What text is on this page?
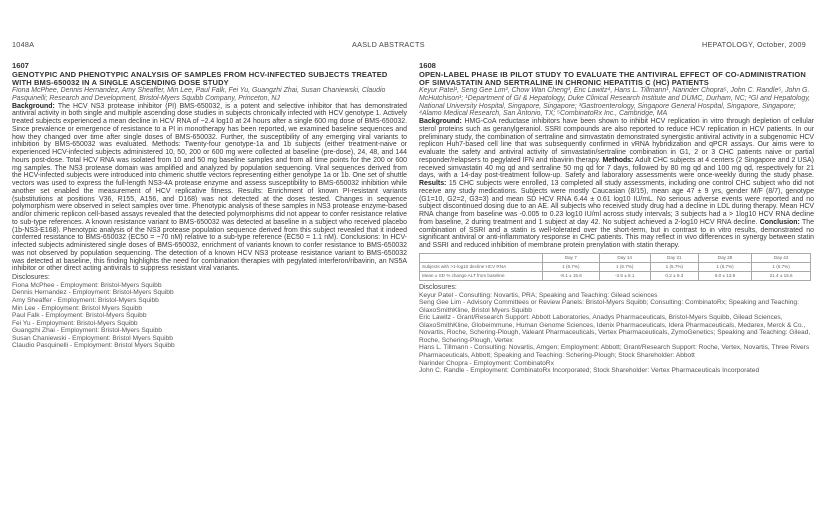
1048A	AASLD ABSTRACTS	HEPATOLOGY, October, 2009
1607
GENOTYPIC AND PHENOTYPIC ANALYSIS OF SAMPLES FROM HCV-INFECTED SUBJECTS TREATED WITH BMS-650032 IN A SINGLE ASCENDING DOSE STUDY
Fiona McPhee, Dennis Hernandez, Amy Sheaffer, Min Lee, Paul Falk, Fei Yu, Guangzhi Zhai, Susan Chaniewski, Claudio Pasquinelli; Research and Development, Bristol-Myers Squibb Company, Princeton, NJ
Background: The HCV NS3 protease inhibitor (PI) BMS-650032, is a potent and selective inhibitor that has demonstrated antiviral activity in both single and multiple ascending dose studies in subjects chronically infected with HCV genotype 1. Actively treated subjects experienced a mean decline in HCV RNA of ~2.4 log10 at 24 hours after a single 600 mg dose of BMS-650032. Since prevalence or emergence of resistance to a PI in monotherapy has been reported, we examined baseline sequences and how they changed over time after single doses of BMS-650032. Further, the susceptibility of any emerging viral variants to inhibition by BMS-650032 was evaluated. Methods: Twenty-four genotype-1a and 1b subjects (either treatment-naive or experienced HCV-infected subjects administered 10, 50, 200 or 600 mg were collected at baseline (pre-dose), 24, 48, and 144 hours post-dose. Total HCV RNA was isolated from 10 and 50 mg baseline samples and from all time points for the 200 or 600 mg samples. The NS3 protease domain was amplified and analyzed by population sequencing. Viral sequences derived from the HCV-infected subjects were introduced into chimeric shuttle vectors representing either genotype 1a or 1b. One set of shuttle vectors was used to express the full-length NS3-4A protease enzyme and assess susceptibility to BMS-650032 inhibition while another set enabled the measurement of HCV replicative fitness. Results: Enrichment of known PI-resistant variants (substitutions at positions V36, R155, A156, and D168) was not detected at the doses tested. Changes in sequence polymorphism were observed in select samples over time. Phenotypic analysis of these samples in NS3 protease enzyme-based and/or chimeric replicon cell-based assays revealed that the detected polymorphisms did not appear to confer resistance relative to sub-type references. A known resistance variant to BMS-650032 was detected at baseline in a subject who received placebo (1b-NS3-E168). Phenotypic analysis of the NS3 protease population sequence derived from this subject revealed that it indeed conferred resistance to BMS-650032 (EC50 = ~70 nM) relative to a sub-type reference (EC50 = 1.1 nM). Conclusions: In HCV-infected subjects administered single doses of BMS-650032, enrichment of variants known to confer resistance to BMS-650032 was not observed by population sequencing. The detection of a known HCV NS3 protease resistance variant to BMS-650032 was detected at baseline, this finding highlights the need for combination therapies with pegylated interferon/ribavirin, an NS5A inhibitor or other direct acting antivirals to suppress resistant viral variants.
Disclosures:
Fiona McPhee - Employment: Bristol-Myers Squibb
Dennis Hernandez - Employment: Bristol-Myers Squibb
Amy Sheaffer - Employment: Bristol-Myers Squibb
Min Lee - Employment: Bristol Myers Squibb
Paul Falk - Employment: Bristol-Myers Squibb
Fei Yu - Employment: Bristol-Myers Squibb
Guangzhi Zhai - Employment: Bristol-Myers Squibb
Susan Chaniewski - Employment: Bristol Myers Squibb
Claudio Pasquinelli - Employment: Bristol Myers Squibb
1608
OPEN-LABEL PHASE IB PILOT STUDY TO EVALUATE THE ANTIVIRAL EFFECT OF CO-ADMINISTRATION OF SIMVASTATIN AND SERTRALINE IN CHRONIC HEPATITIS C (HC) PATIENTS
Keyur Patel¹, Seng Gee Lim², Chow Wan Cheng³, Eric Lawitz⁴, Hans L. Tillmann¹, Narinder Chopra⁵, John C. Randle⁵, John G. McHutchison¹; ¹Department of GI & Hepatology, Duke Clinical Research Institute and DUMC, Durham, NC; ²GI and Hepatology, National University Hospital, Singapore, Singapore; ³Gastroenterology, Singapore General Hospital, Singapore, Singapore; ⁴Alamo Medical Research, San Antonio, TX; ⁵CombinatoRx Inc., Cambridge, MA
Background: HMG-CoA reductase inhibitors have been shown to inhibit HCV replication in vitro through depletion of cellular sterol proteins such as geranylgeraniol. SSRI compounds are also reported to reduce HCV replication in HCV patients. In our preliminary study, the combination of sertraline and simvastatin demonstrated synergistic antiviral activity in a subgenomic HCV replicon Huh7-based cell line that was subsequently confirmed in vRNA hybridization and qPCR assays. Our aims were to evaluate the safety and antiviral activity of simvastatin/sertraline combination in G1, 2 or 3 CHC patients naive or partial responder/relapsers to pegylated IFN and ribavirin therapy. Methods: Adult CHC subjects at 4 centers (2 Singapore and 2 USA) received simvastatin 40 mg qd and sertraline 50 mg qd for 7 days, followed by 80 mg qd and 100 mg qd, respectively for 21 days, with a 14-day post-treatment follow-up. Safety and laboratory assessments were once-weekly during the study phase. Results: 15 CHC subjects were enrolled, 13 completed all study assessments, including one control CHC subject who did not receive any study medications. Subjects were mostly Caucasian (8/15), mean age 47 ± 9 yrs, gender M/F (8/7), genotype (G1=10, G2=2, G3=3) and mean SD HCV RNA 6.44 ± 0.61 log10 IU/mL. No serious adverse events were reported and no subject discontinued dosing due to an AE. All subjects who received study drug had a decline in LDL during therapy. Mean HCV RNA change from baseline was -0.005 to 0.23 log10 IU/ml across study intervals; 3 subjects had a > 1log10 HCV RNA decline from baseline, 2 during treatment and 1 subject at day 42. No subject achieved a 2-log10 HCV RNA decline. Conclusion: The combination of SSRI and a statin is well-tolerated over the short-term, but in contrast to in vitro results, demonstrated no significant antiviral or anti-inflammatory response in CHC patients. This may reflect in vivo differences in synergy between statin and SSRI and reduced inhibition of membrane protein prenylation with statin therapy.
	Day 7	Day 14	Day 21	Day 28	Day 42
Subjects with >1-log10 decline HCV RNA	1 (6.7%)	1 (6.7%)	1 (6.7%)	1 (6.7%)	1 (6.7%)
Mean ± SD % change ALT from baseline	-8.1 ± 15.6	-3.5 ± 8.1	0.2 ± 9.3	6.0 ± 13.9	21.4 ± 15.6
Disclosures:
Keyur Patel - Consulting: Novartis, PRA; Speaking and Teaching: Gilead sciences
Seng Gee Lim - Advisory Committees or Review Panels: Bristol-Myers Squibb; Consulting: CombinatoRx; Speaking and Teaching: GlaxoSmithKline, Bristol Myers Squibb
Eric Lawitz - Grant/Research Support: Abbott Laboratories, Anadys Pharmaceuticals, Bristol-Myers Squibb, Gilead Sciences, GlaxoSmithKline, Globeimmune, Human Genome Sciences, Idenix Pharmaceuticals, Idera Pharmaceuticals, Medarex, Merck & Co., Novartis, Roche, Schering-Plough, Valeant Pharmaceuticals, Vertex Pharmaceuticals, ZymoGenetics; Speaking and Teaching: Gilead, Roche, Schering-Plough, Vertex
Hans L. Tillmann - Consulting: Novartis, Amgen; Employment: Abbott; Grant/Research Support: Roche, Vertex, Novartis, Three Rivers Pharmaceuticals, Abbott; Speaking and Teaching: Schering-Plough; Stock Shareholder: Abbott
Narinder Chopra - Employment: CombinatoRx
John C. Randle - Employment: CombinatoRx Incorporated; Stock Shareholder: Vertex Pharmaceuticals Incorporated
